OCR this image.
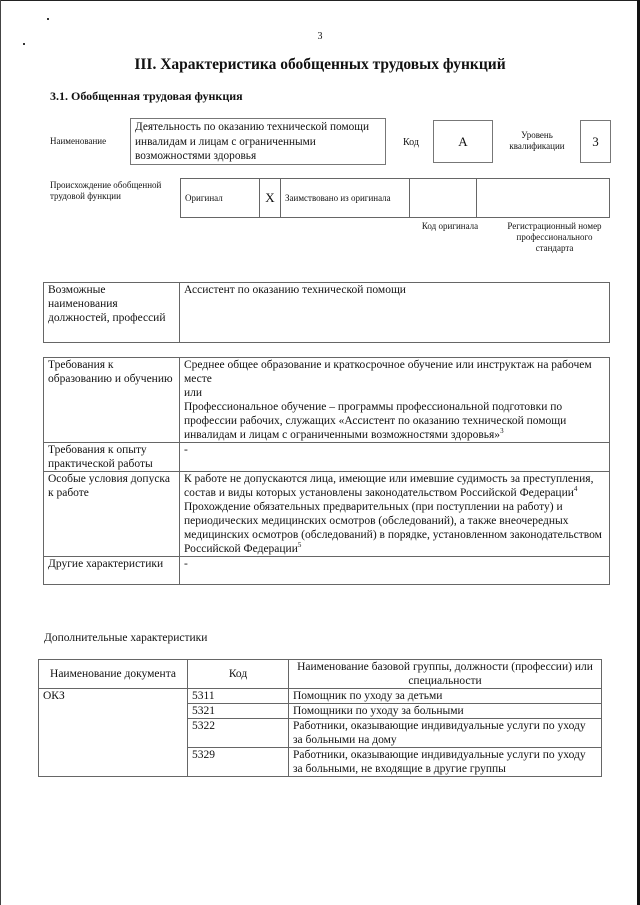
3
III. Характеристика обобщенных трудовых функций
3.1. Обобщенная трудовая функция
Наименование
Деятельность по оказанию технической помощи инвалидам и лицам с ограниченными возможностями здоровья
Код	А	Уровень квалификации	3
Происхождение обобщенной трудовой функции	Оригинал	X	Заимствовано из оригинала		
Код оригинала	Регистрационный номер профессионального стандарта
Возможные наименования должностей, профессий	Ассистент по оказанию технической помощи
Требования к образованию и обучению	Среднее общее образование и краткосрочное обучение или инструктаж на рабочем месте
или
Профессиональное обучение – программы профессиональной подготовки по профессии рабочих, служащих «Ассистент по оказанию технической помощи инвалидам и лицам с ограниченными возможностями здоровья»$^3$

Требования к опыту практической работы	-
Особые условия допуска к работе	К работе не допускаются лица, имеющие или имевшие судимость за преступления, состав и виды которых установлены законодательством Российской Федерации$^4$
Прохождение обязательных предварительных (при поступлении на работу) и периодических медицинских осмотров (обследований), а также внеочередных медицинских осмотров (обследований) в порядке, установленном законодательством Российской Федерации$^5$

Другие характеристики	-
Дополнительные характеристики
Наименование документа	Код	Наименование базовой группы, должности (профессии) или специальности
ОКЗ	5311	Помощник по уходу за детьми
	5321	Помощники по уходу за больными
	5322	Работники, оказывающие индивидуальные услуги по уходу за больными на дому
	5329	Работники, оказывающие индивидуальные услуги по уходу за больными, не входящие в другие группы
